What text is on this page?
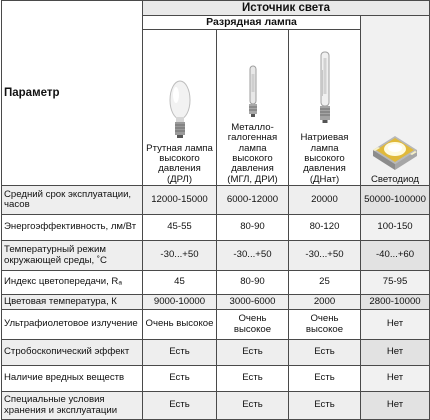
Параметр	Источник света			
	Разрядная лампа			Светодиод

	Ртутная лампа высокого давления (ДРЛ)	Металло-галогенная лампа высокого давления (МГЛ, ДРИ)	Натриевая лампа высокого давления (ДНат)	

Средний срок эксплуатации, часов	12000-15000	6000-12000	20000	50000-100000
Энергоэффективность, лм/Вт	45-55	80-90	80-120	100-150
Температурный режим окружающей среды, ˚С	-30...+50	-30...+50	-30...+50	-40...+60
Индекс цветопередачи, Rₐ	45	80-90	25	75-95
Цветовая температура, К	9000-10000	3000-6000	2000	2800-10000
Ультрафиолетовое излучение	Очень высокое	Очень высокое	Очень высокое	Нет
Стробоскопический эффект	Есть	Есть	Есть	Нет
Наличие вредных веществ	Есть	Есть	Есть	Нет
Специальные условия хранения и эксплуатации	Есть	Есть	Есть	Нет
